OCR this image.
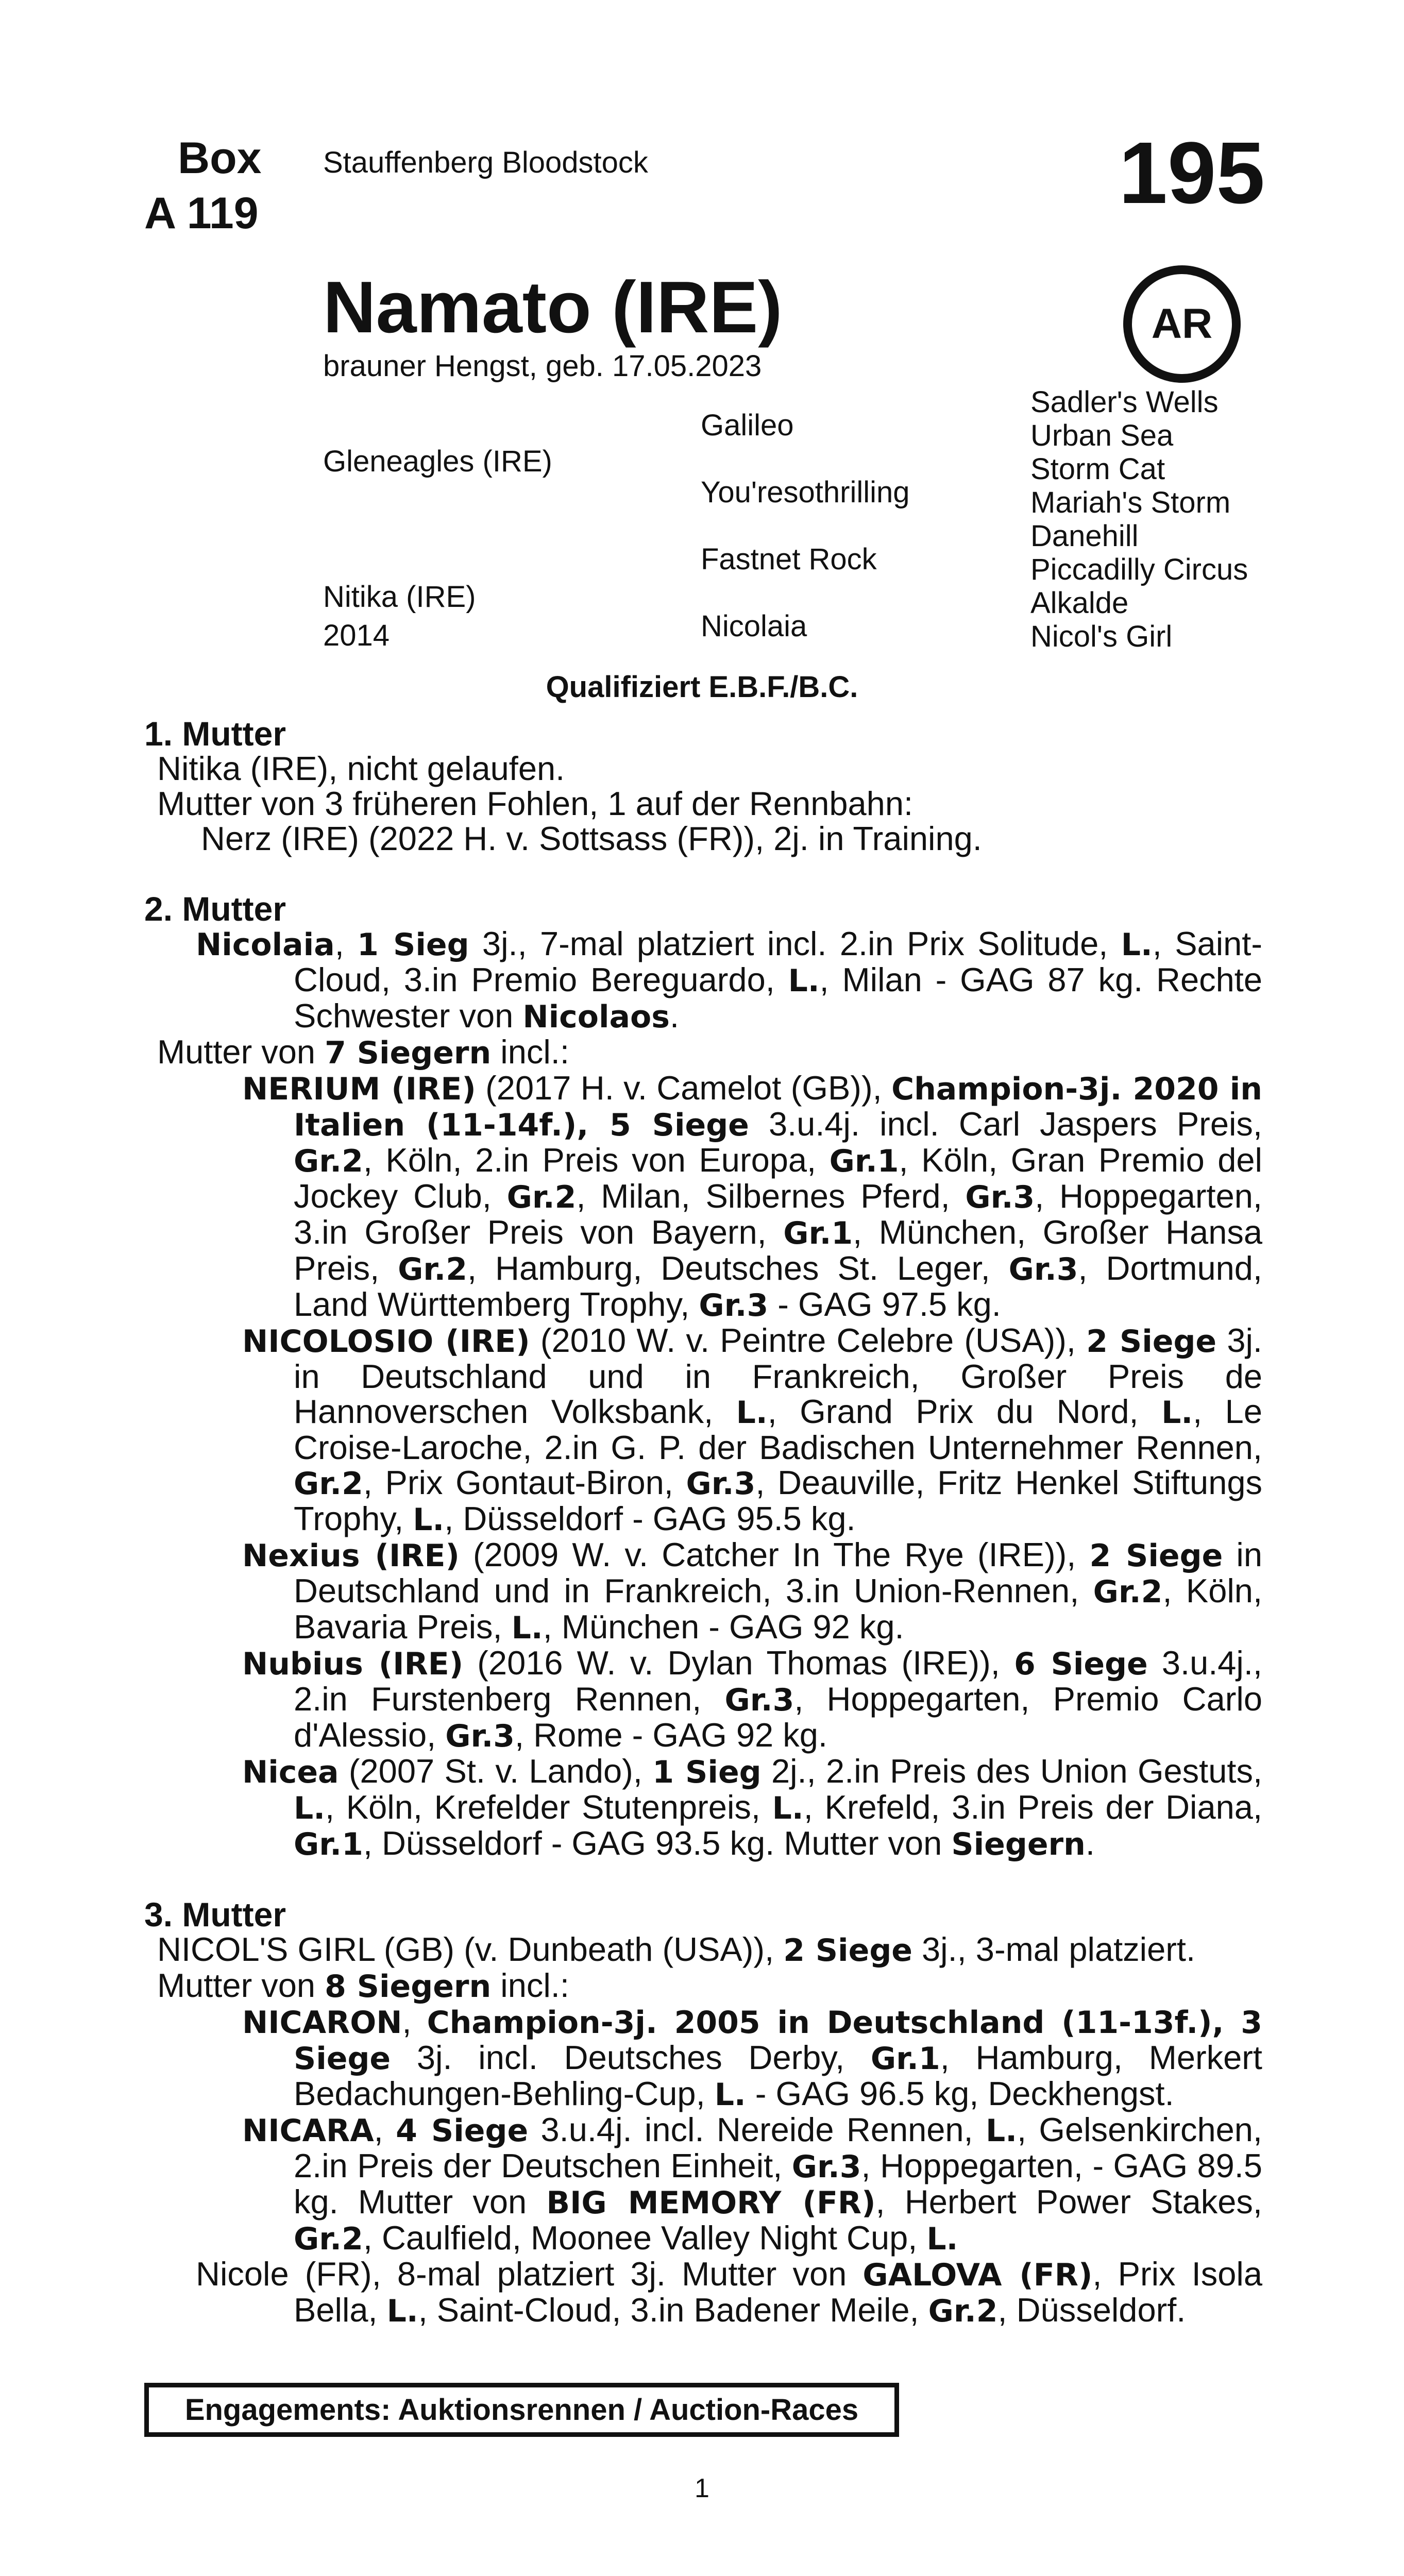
Box
A 119
Stauffenberg Bloodstock	195
AR
Namato (IRE)
brauner Hengst, geb. 17.05.2023
Gleneagles (IRE)
Nitika (IRE)
2014
Galileo
You'resothrilling
Fastnet Rock
Nicolaia
Sadler's Wells
Urban Sea
Storm Cat
Mariah's Storm
Danehill
Piccadilly Circus
Alkalde
Nicol's Girl
Qualifiziert E.B.F./B.C.
1. Mutter
Nitika (IRE), nicht gelaufen.
Mutter von 3 früheren Fohlen, 1 auf der Rennbahn:
Nerz (IRE) (2022 H. v. Sottsass (FR)), 2j. in Training.
2. Mutter
Nicolaia, 1 Sieg 3j., 7-mal platziert incl. 2.in Prix Solitude, L., Saint-Cloud, 3.in Premio Bereguardo, L., Milan - GAG 87 kg. Rechte Schwester von Nicolaos.
Mutter von 7 Siegern incl.:
NERIUM (IRE) (2017 H. v. Camelot (GB)), Champion-3j. 2020 in Italien (11-14f.), 5 Siege 3.u.4j. incl. Carl Jaspers Preis, Gr.2, Köln, 2.in Preis von Europa, Gr.1, Köln, Gran Premio del Jockey Club, Gr.2, Milan, Silbernes Pferd, Gr.3, Hoppegarten, 3.in Großer Preis von Bayern, Gr.1, München, Großer Hansa Preis, Gr.2, Hamburg, Deutsches St. Leger, Gr.3, Dortmund, Land Württemberg Trophy, Gr.3 - GAG 97.5 kg.
NICOLOSIO (IRE) (2010 W. v. Peintre Celebre (USA)), 2 Siege 3j. in Deutschland und in Frankreich, Großer Preis de Hannoverschen Volksbank, L., Grand Prix du Nord, L., Le Croise-Laroche, 2.in G. P. der Badischen Unternehmer Rennen, Gr.2, Prix Gontaut-Biron, Gr.3, Deauville, Fritz Henkel Stiftungs Trophy, L., Düsseldorf - GAG 95.5 kg.
Nexius (IRE) (2009 W. v. Catcher In The Rye (IRE)), 2 Siege in Deutschland und in Frankreich, 3.in Union-Rennen, Gr.2, Köln, Bavaria Preis, L., München - GAG 92 kg.
Nubius (IRE) (2016 W. v. Dylan Thomas (IRE)), 6 Siege 3.u.4j., 2.in Furstenberg Rennen, Gr.3, Hoppegarten, Premio Carlo d'Alessio, Gr.3, Rome - GAG 92 kg.
Nicea (2007 St. v. Lando), 1 Sieg 2j., 2.in Preis des Union Gestuts, L., Köln, Krefelder Stutenpreis, L., Krefeld, 3.in Preis der Diana, Gr.1, Düsseldorf - GAG 93.5 kg. Mutter von Siegern.
3. Mutter
NICOL'S GIRL (GB) (v. Dunbeath (USA)), 2 Siege 3j., 3-mal platziert.
Mutter von 8 Siegern incl.:
NICARON, Champion-3j. 2005 in Deutschland (11-13f.), 3 Siege 3j. incl. Deutsches Derby, Gr.1, Hamburg, Merkert Bedachungen-Behling-Cup, L. - GAG 96.5 kg, Deckhengst.
NICARA, 4 Siege 3.u.4j. incl. Nereide Rennen, L., Gelsenkirchen, 2.in Preis der Deutschen Einheit, Gr.3, Hoppegarten, - GAG 89.5 kg. Mutter von BIG MEMORY (FR), Herbert Power Stakes, Gr.2, Caulfield, Moonee Valley Night Cup, L.
Nicole (FR), 8-mal platziert 3j. Mutter von GALOVA (FR), Prix Isola Bella, L., Saint-Cloud, 3.in Badener Meile, Gr.2, Düsseldorf.
Engagements: Auktionsrennen / Auction-Races
1
